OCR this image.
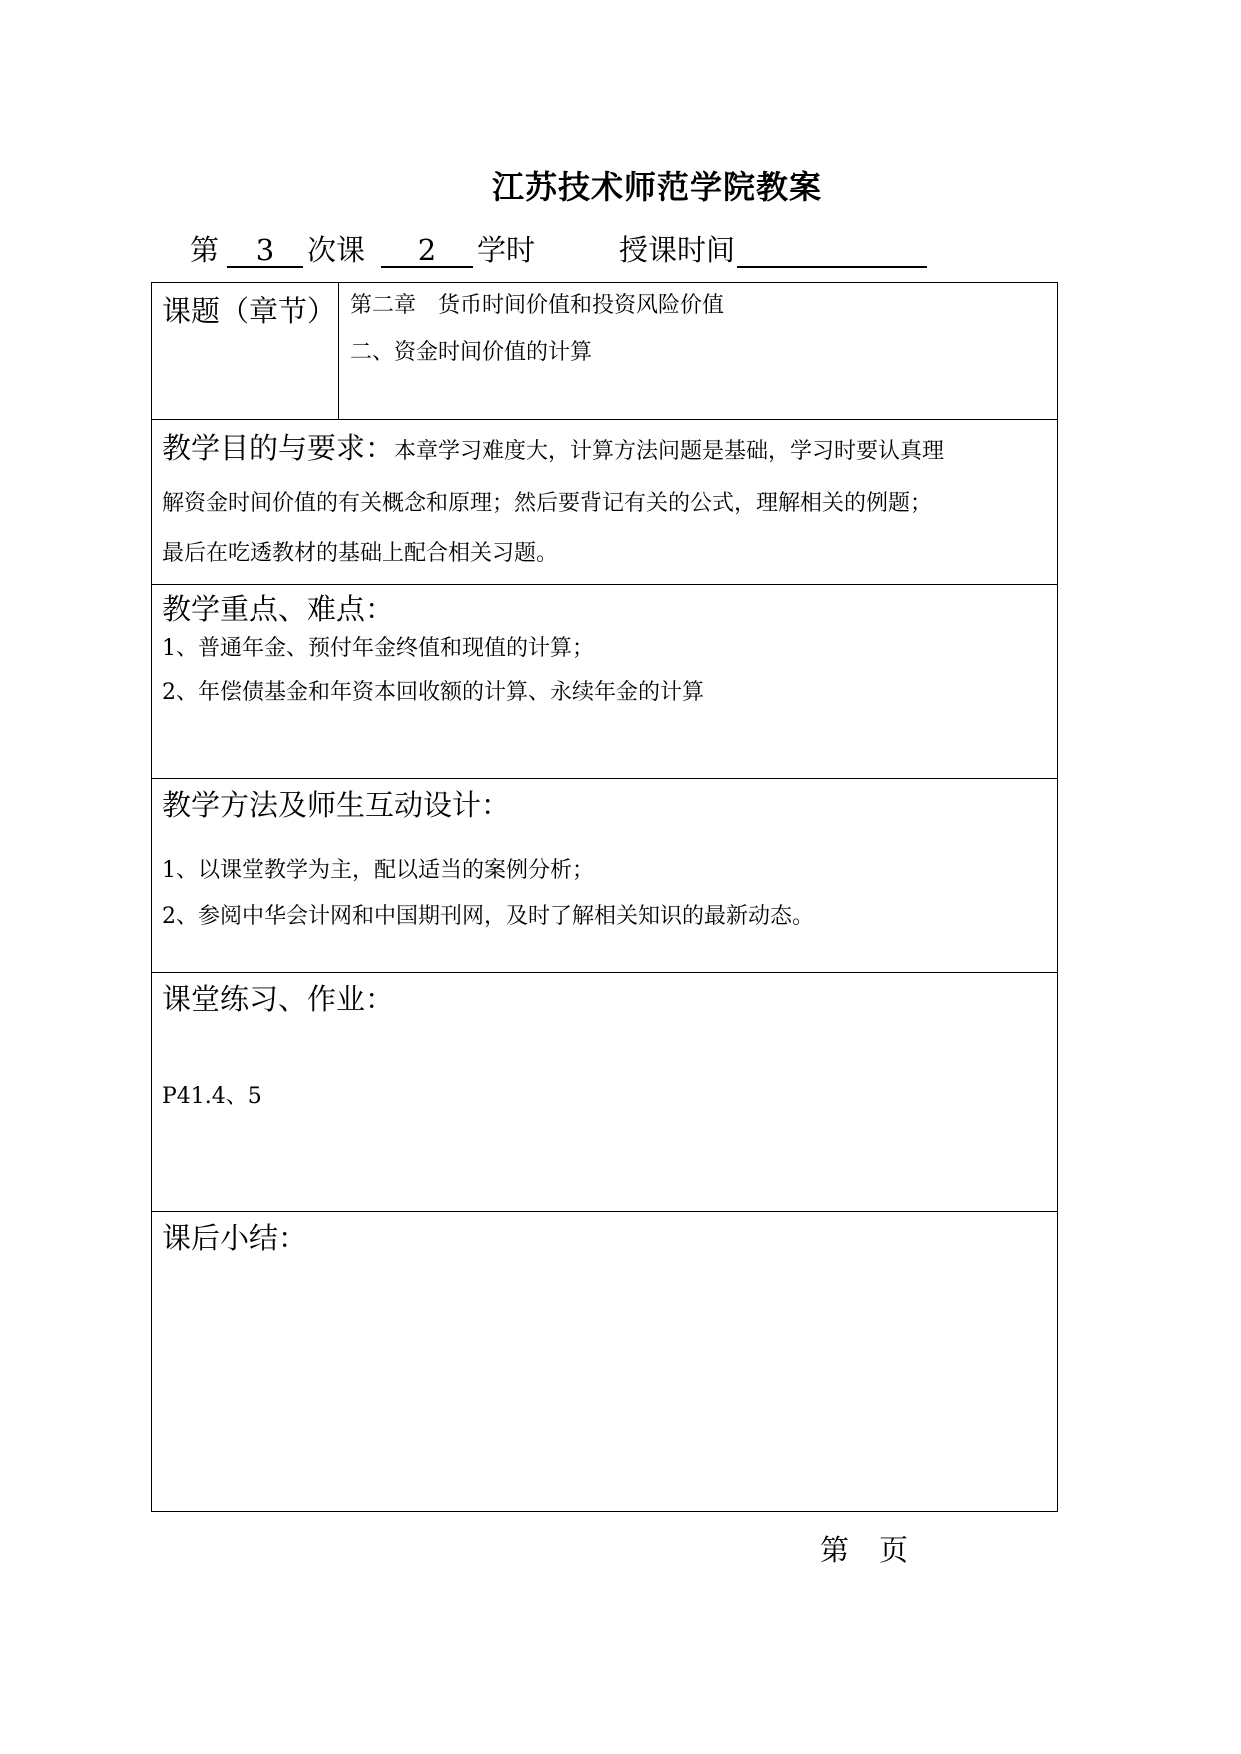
江苏技术师范学院教案
第 3 次课 2 学时	授课时间
课题（章节） 第二章　货币时间价值和投资风险价值
二、资金时间价值的计算
教学目的与要求：本章学习难度大，计算方法问题是基础，学习时要认真理
解资金时间价值的有关概念和原理；然后要背记有关的公式，理解相关的例题；
最后在吃透教材的基础上配合相关习题。
教学重点、难点：
1、普通年金、预付年金终值和现值的计算；
2、年偿债基金和年资本回收额的计算、永续年金的计算
教学方法及师生互动设计：
1、以课堂教学为主，配以适当的案例分析；
2、参阅中华会计网和中国期刊网，及时了解相关知识的最新动态。
课堂练习、作业：
P41.4、5
课后小结：
第 页
